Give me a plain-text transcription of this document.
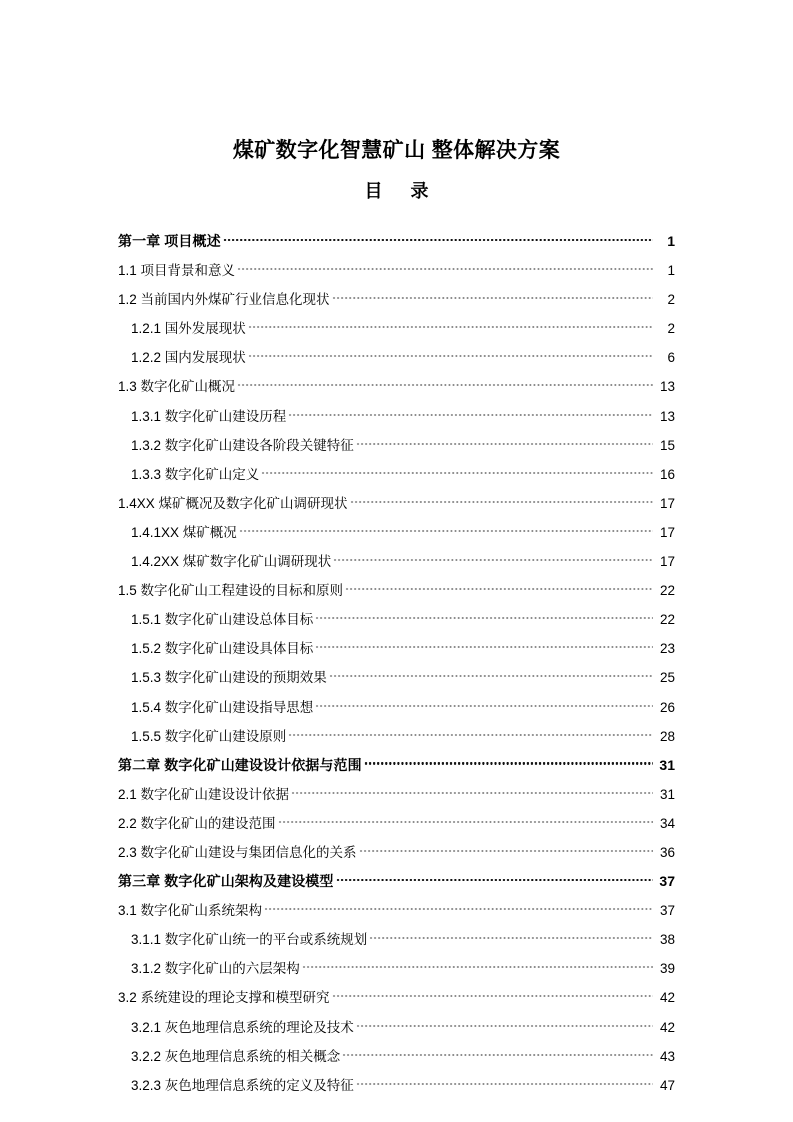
煤矿数字化智慧矿山 整体解决方案
目 录
第一章 项目概述	1
1.1 项目背景和意义	1
1.2 当前国内外煤矿行业信息化现状	2
1.2.1 国外发展现状	2
1.2.2 国内发展现状	6
1.3 数字化矿山概况	13
1.3.1 数字化矿山建设历程	13
1.3.2 数字化矿山建设各阶段关键特征	15
1.3.3 数字化矿山定义	16
1.4XX 煤矿概况及数字化矿山调研现状	17
1.4.1XX 煤矿概况	17
1.4.2XX 煤矿数字化矿山调研现状	17
1.5 数字化矿山工程建设的目标和原则	22
1.5.1 数字化矿山建设总体目标	22
1.5.2 数字化矿山建设具体目标	23
1.5.3 数字化矿山建设的预期效果	25
1.5.4 数字化矿山建设指导思想	26
1.5.5 数字化矿山建设原则	28
第二章 数字化矿山建设设计依据与范围	31
2.1 数字化矿山建设设计依据	31
2.2 数字化矿山的建设范围	34
2.3 数字化矿山建设与集团信息化的关系	36
第三章 数字化矿山架构及建设模型	37
3.1 数字化矿山系统架构	37
3.1.1 数字化矿山统一的平台或系统规划	38
3.1.2 数字化矿山的六层架构	39
3.2 系统建设的理论支撑和模型研究	42
3.2.1 灰色地理信息系统的理论及技术	42
3.2.2 灰色地理信息系统的相关概念	43
3.2.3 灰色地理信息系统的定义及特征	47
